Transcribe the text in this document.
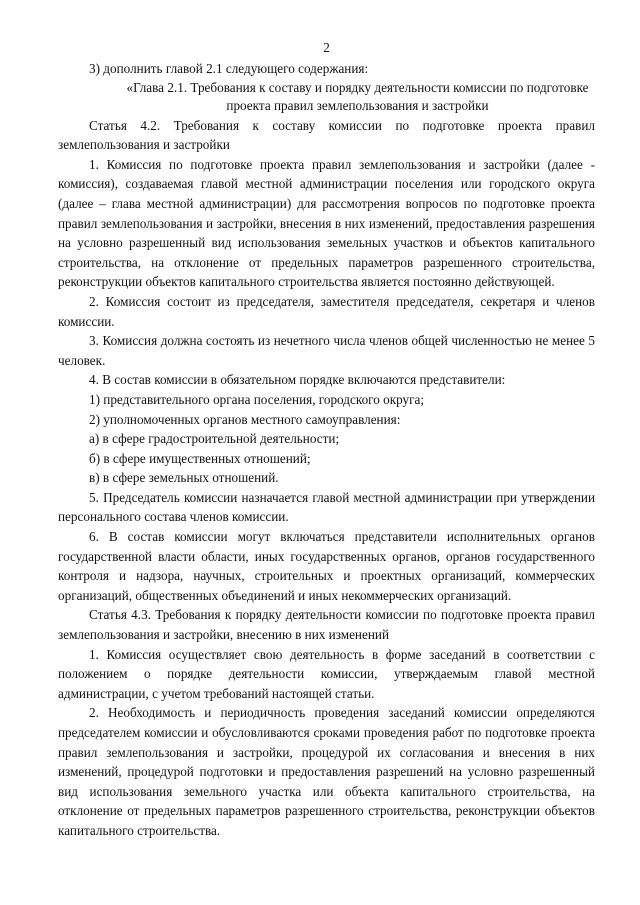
2

3) дополнить главой 2.1 следующего содержания:

«Глава 2.1. Требования к составу и порядку деятельности комиссии по подготовке проекта правил землепользования и застройки

Статья 4.2. Требования к составу комиссии по подготовке проекта правил землепользования и застройки

1. Комиссия по подготовке проекта правил землепользования и застройки (далее - комиссия), создаваемая главой местной администрации поселения или городского округа (далее – глава местной администрации) для рассмотрения вопросов по подготовке проекта правил землепользования и застройки, внесения в них изменений, предоставления разрешения на условно разрешенный вид использования земельных участков и объектов капитального строительства, на отклонение от предельных параметров разрешенного строительства, реконструкции объектов капитального строительства является постоянно действующей.

2. Комиссия состоит из председателя, заместителя председателя, секретаря и членов комиссии.

3. Комиссия должна состоять из нечетного числа членов общей численностью не менее 5 человек.

4. В состав комиссии в обязательном порядке включаются представители:

1) представительного органа поселения, городского округа;

2) уполномоченных органов местного самоуправления:

а) в сфере градостроительной деятельности;

б) в сфере имущественных отношений;

в) в сфере земельных отношений.

5. Председатель комиссии назначается главой местной администрации при утверждении персонального состава членов комиссии.

6. В состав комиссии могут включаться представители исполнительных органов государственной власти области, иных государственных органов, органов государственного контроля и надзора, научных, строительных и проектных организаций, коммерческих организаций, общественных объединений и иных некоммерческих организаций.

Статья 4.3. Требования к порядку деятельности комиссии по подготовке проекта правил землепользования и застройки, внесению в них изменений

1. Комиссия осуществляет свою деятельность в форме заседаний в соответствии с положением о порядке деятельности комиссии, утверждаемым главой местной администрации, с учетом требований настоящей статьи.

2. Необходимость и периодичность проведения заседаний комиссии определяются председателем комиссии и обусловливаются сроками проведения работ по подготовке проекта правил землепользования и застройки, процедурой их согласования и внесения в них изменений, процедурой подготовки и предоставления разрешений на условно разрешенный вид использования земельного участка или объекта капитального строительства, на отклонение от предельных параметров разрешенного строительства, реконструкции объектов капитального строительства.
